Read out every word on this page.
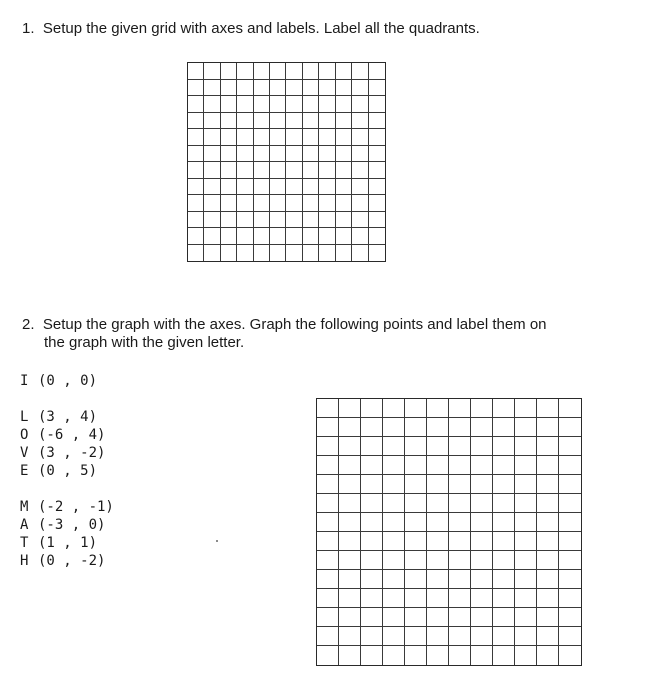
1. Setup the given grid with axes and labels. Label all the quadrants.
2. Setup the graph with the axes. Graph the following points and label them on
the graph with the given letter.
I (0 , 0)
L (3 , 4)
O (-6 , 4)
V (3 , -2)
E (0 , 5)
M (-2 , -1)
A (-3 , 0)
T (1 , 1)
H (0 , -2)
